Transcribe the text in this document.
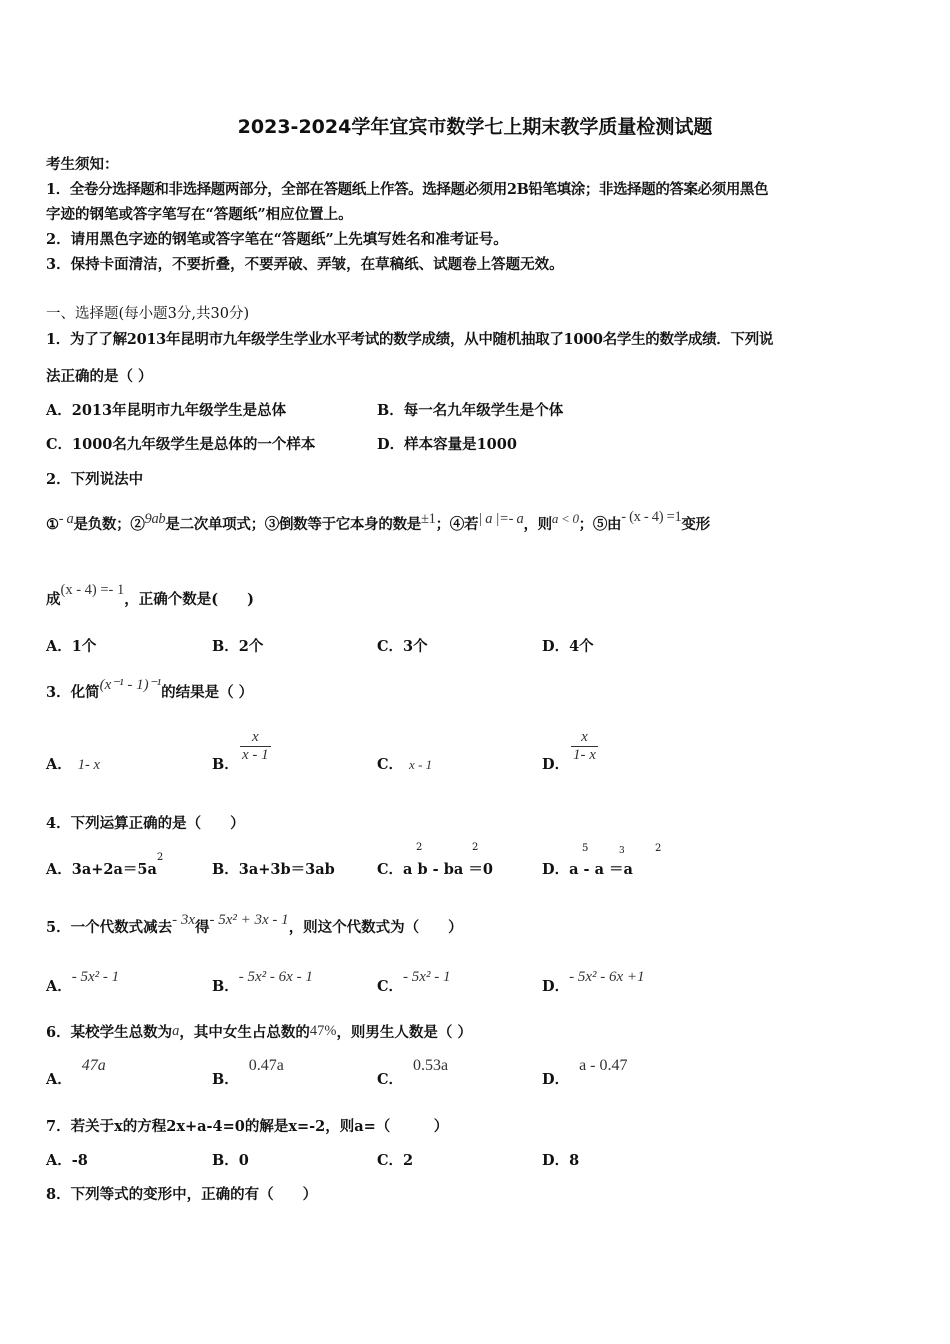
2023-2024学年宜宾市数学七上期末教学质量检测试题
考生须知：
1．全卷分选择题和非选择题两部分，全部在答题纸上作答。选择题必须用2B铅笔填涂；非选择题的答案必须用黑色
字迹的钢笔或答字笔写在“答题纸”相应位置上。
2．请用黑色字迹的钢笔或答字笔在“答题纸”上先填写姓名和准考证号。
3．保持卡面清洁，不要折叠，不要弄破、弄皱，在草稿纸、试题卷上答题无效。
一、选择题(每小题3分,共30分)
1．为了了解2013年昆明市九年级学生学业水平考试的数学成绩，从中随机抽取了1000名学生的数学成绩．下列说
法正确的是（ ）
A．2013年昆明市九年级学生是总体	B．每一名九年级学生是个体
C．1000名九年级学生是总体的一个样本	D．样本容量是1000
2．下列说法中
①- a是负数；②9ab是二次单项式；③倒数等于它本身的数是±1；④若| a |=- a，则a < 0；⑤由- (x - 4) =1变形
成(x - 4) =- 1，正确个数是(　　)
A．1个	B．2个	C．3个	D．4个
3．化简(x⁻¹ - 1)⁻¹的结果是（ ）
A． 1- x	B．
$\frac{x}{x - 1}$
C． x - 1	D．
$\frac{x}{1- x}$
4．下列运算正确的是（　　）
A．$3a+2a=5a^2$
B．3a+3b＝3ab	C．a b - ba ＝0
2	2
D．a - a ＝a
5	3	2
5．一个代数式减去- 3x得- 5x² + 3x - 1，则这个代数式为（　　）
A．- 5x² - 1
B．- 5x² - 6x - 1
C．- 5x² - 1
D．- 5x² - 6x +1
6．某校学生总数为a，其中女生占总数的47%，则男生人数是（ ）
A．47a
B．0.47a
C．0.53a
D．a - 0.47
7．若关于x的方程2x+a-4=0的解是x=-2，则a=（　　　）
A．-8	B．0	C．2	D．8
8．下列等式的变形中，正确的有（　　）
